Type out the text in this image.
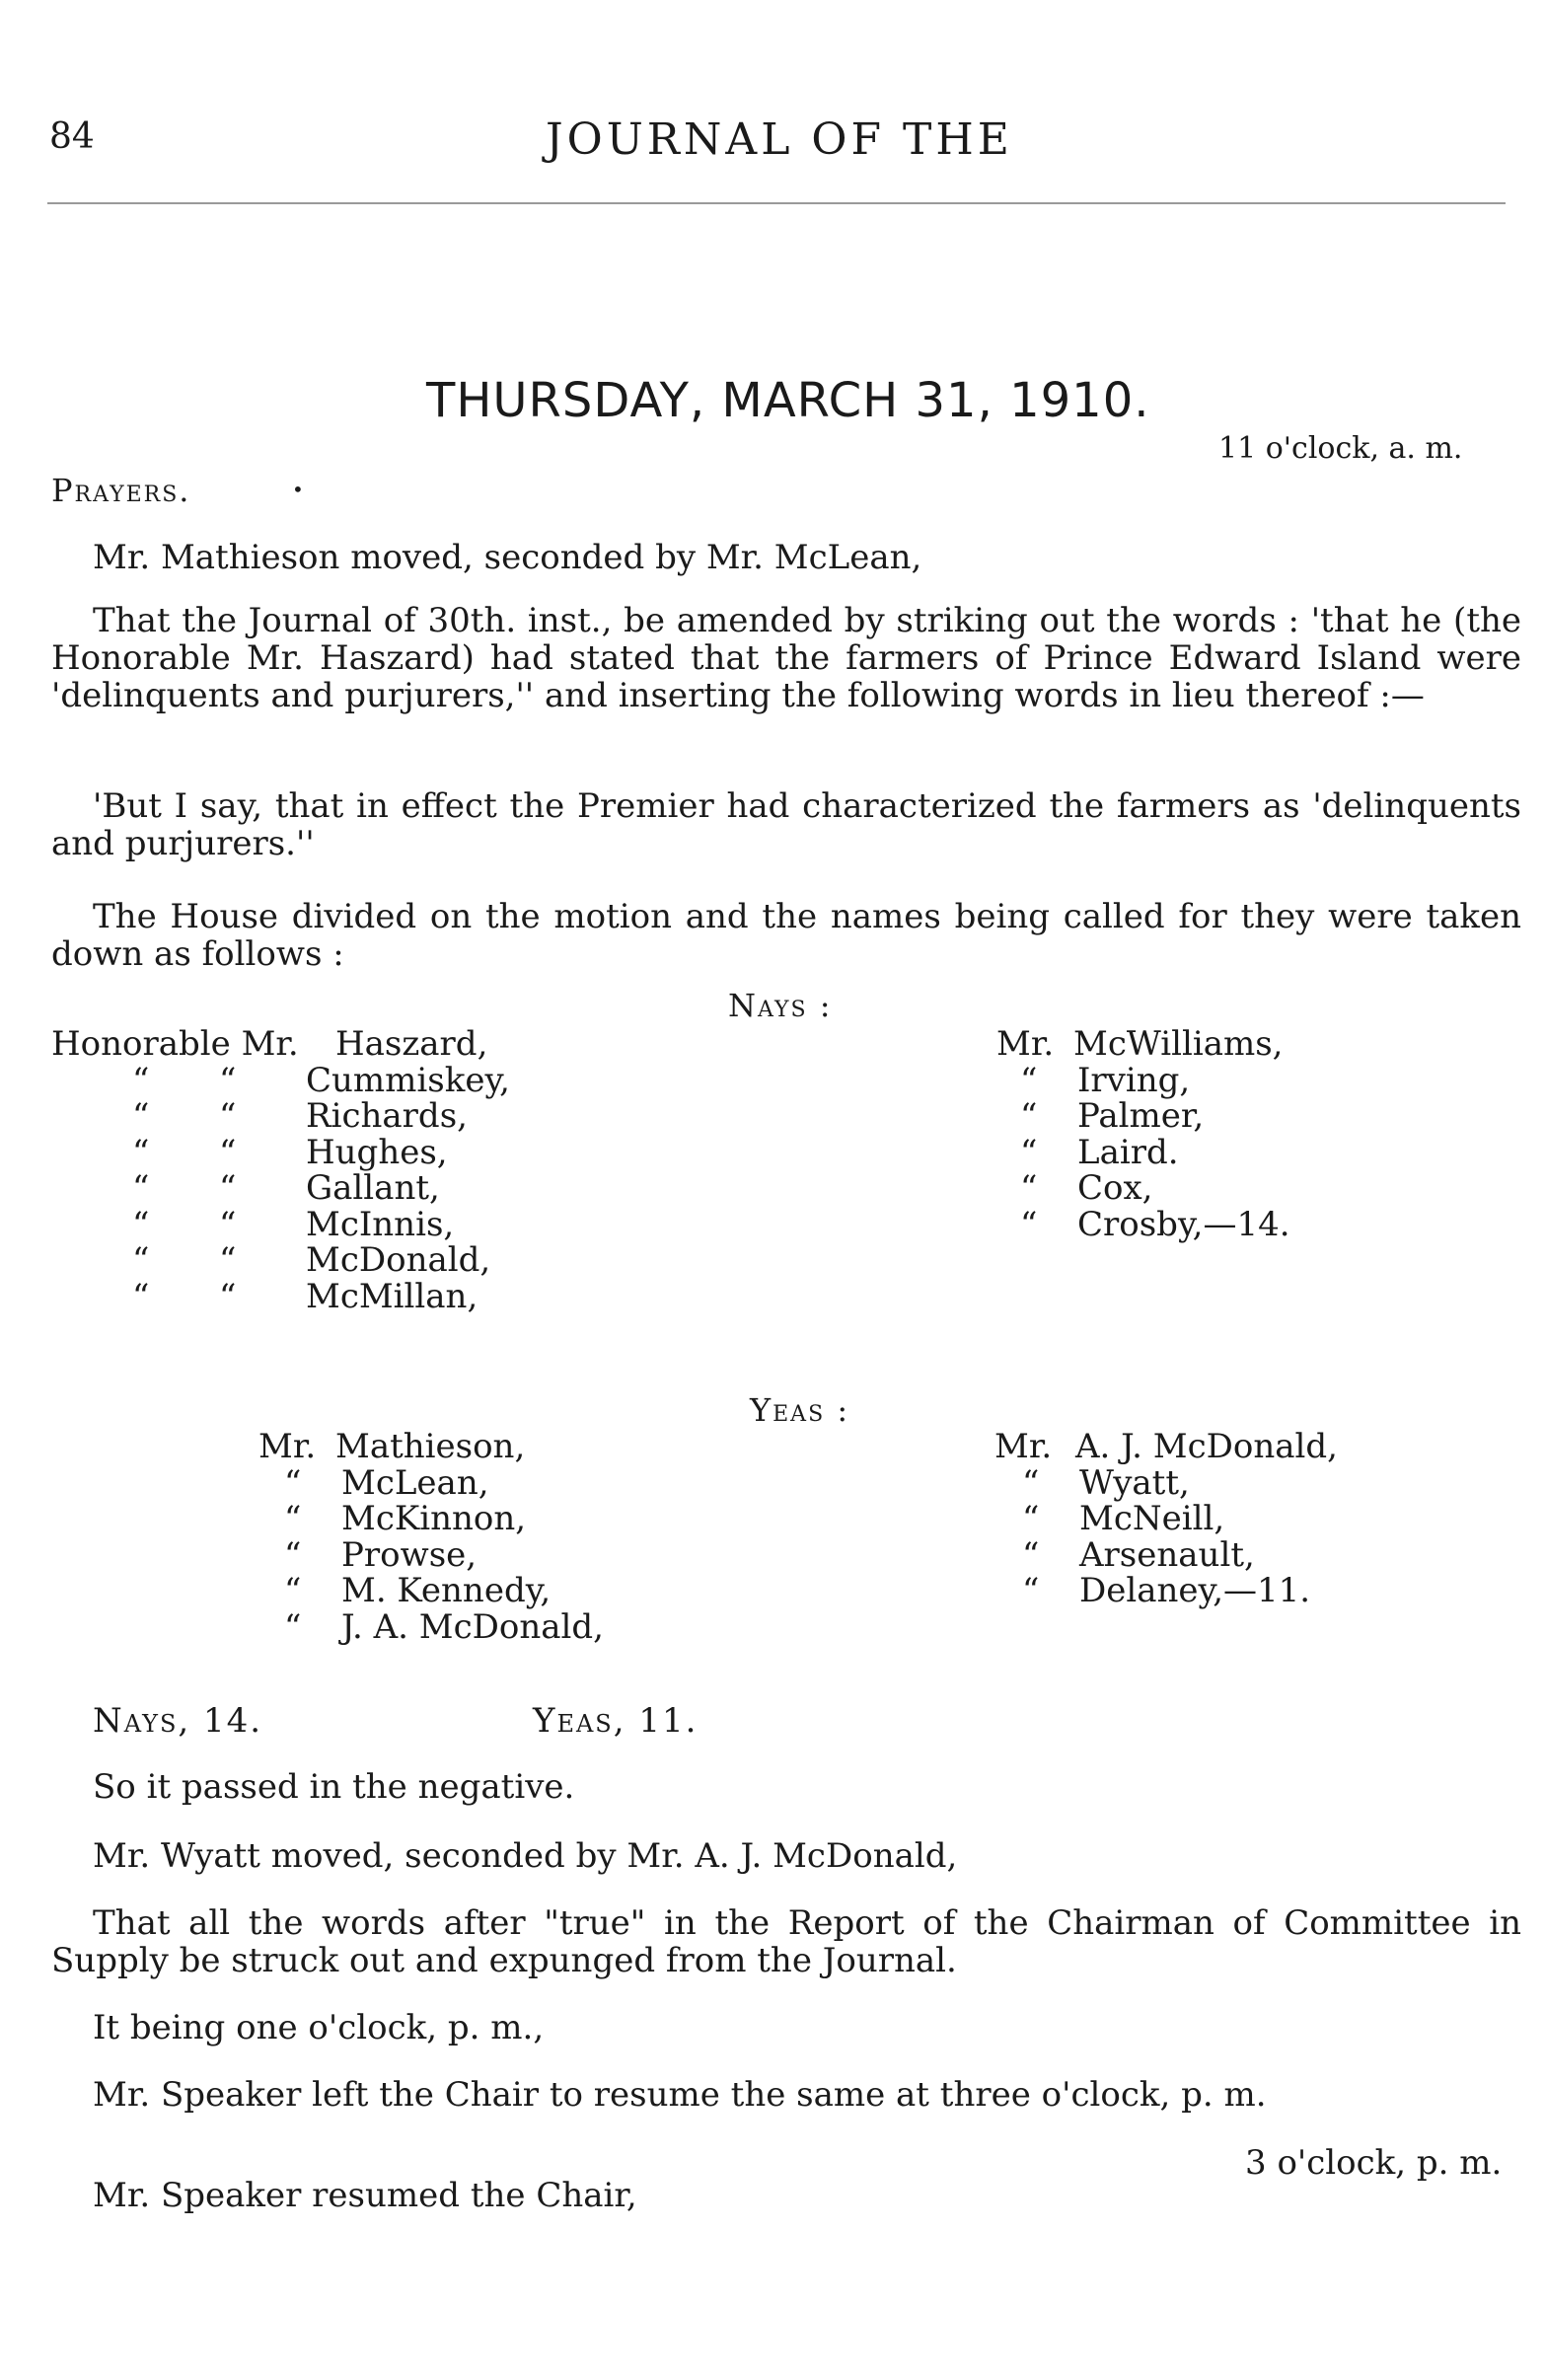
84	JOURNAL OF THE
THURSDAY, MARCH 31, 1910.
11 o'clock, a. m.
Prayers.	•
Mr. Mathieson moved, seconded by Mr. McLean,
That the Journal of 30th. inst., be amended by striking out the words : 'that he (the Honorable Mr. Haszard) had stated that the farmers of Prince Edward Island were 'delinquents and purjurers,'' and inserting the following words in lieu thereof :—
'But I say, that in effect the Premier had characterized the farmers as 'delinquents and purjurers.''
The House divided on the motion and the names being called for they were taken down as follows :
Nays :
Honorable Mr. Haszard,
“ “ Cummiskey,
“ “ Richards,
“ “ Hughes,
“ “ Gallant,
“ “ McInnis,
“ “ McDonald,
“ “ McMillan,
Mr. McWilliams,
“ Irving,
“ Palmer,
“ Laird.
“ Cox,
“ Crosby,—14.
Yeas :
Mr. Mathieson,
“ McLean,
“ McKinnon,
“ Prowse,
“ M. Kennedy,
“ J. A. McDonald,
Mr. A. J. McDonald,
“ Wyatt,
“ McNeill,
“ Arsenault,
“ Delaney,—11.
Nays, 14.	Yeas, 11.
So it passed in the negative.
Mr. Wyatt moved, seconded by Mr. A. J. McDonald,
That all the words after "true" in the Report of the Chairman of Committee in Supply be struck out and expunged from the Journal.
It being one o'clock, p. m.,
Mr. Speaker left the Chair to resume the same at three o'clock, p. m.
3 o'clock, p. m.
Mr. Speaker resumed the Chair,
